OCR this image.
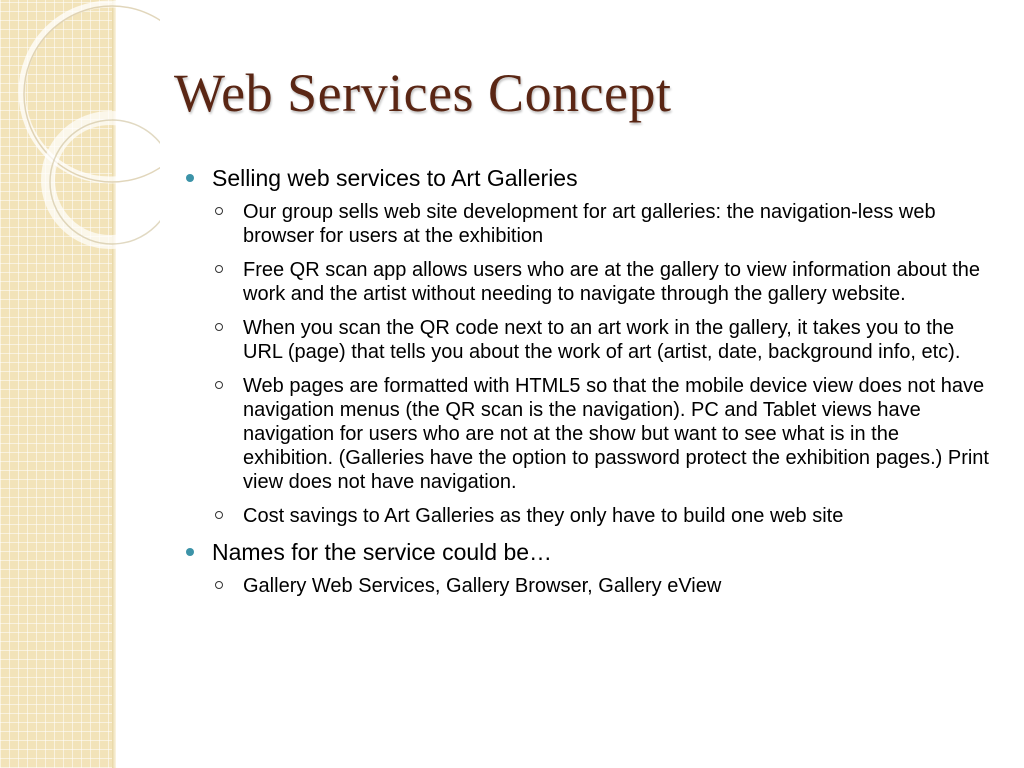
Web Services Concept
Selling web services to Art Galleries
Our group sells web site development for art galleries: the navigation-less web browser for users at the exhibition
Free QR scan app allows users who are at the gallery to view information about the work and the artist without needing to navigate through the gallery website.
When you scan the QR code next to an art work in the gallery, it takes you to the URL (page) that tells you about the work of art (artist, date, background info, etc).
Web pages are formatted with HTML5 so that the mobile device view does not have navigation menus (the QR scan is the navigation). PC and Tablet views have navigation for users who are not at the show but want to see what is in the exhibition. (Galleries have the option to password protect the exhibition pages.) Print view does not have navigation.
Cost savings to Art Galleries as they only have to build one web site
Names for the service could be…
Gallery Web Services, Gallery Browser, Gallery eView
